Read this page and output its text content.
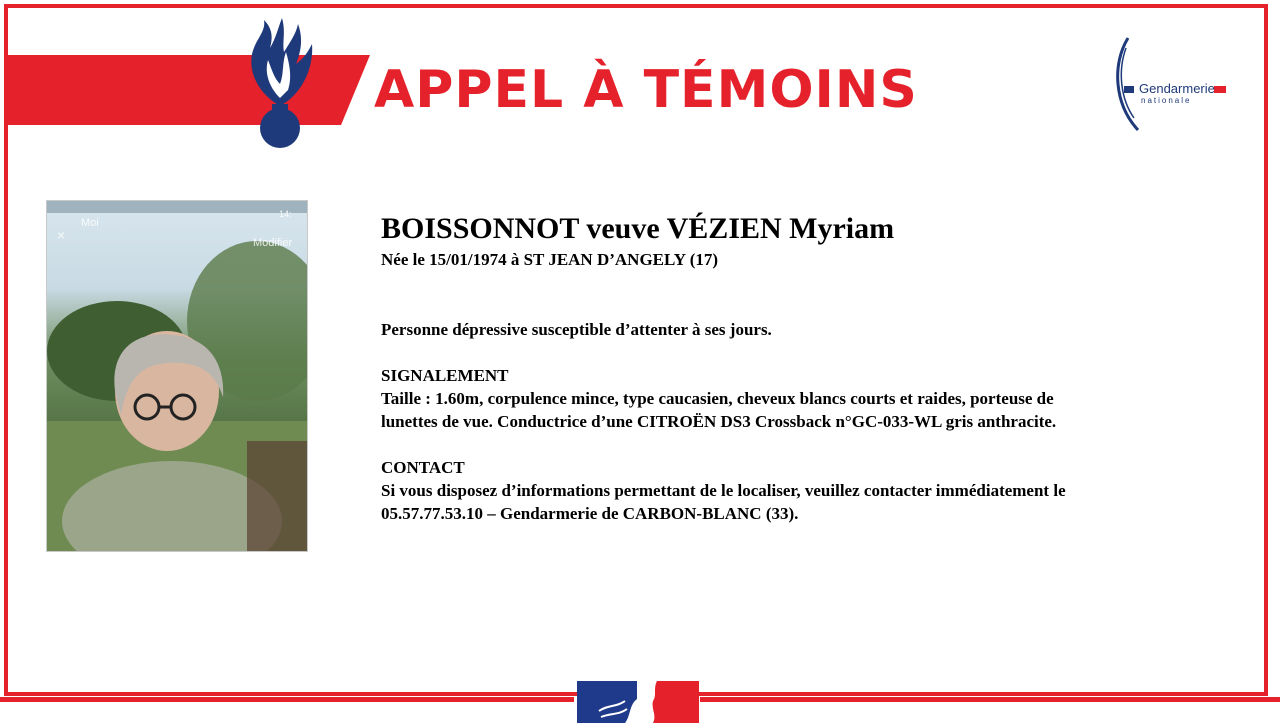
APPEL À TÉMOINS	Gendarmerie
nationale
Moi
×	Modifier
14:	BOISSONNOT veuve VÉZIEN Myriam
Née le 15/01/1974 à ST JEAN D’ANGELY (17)
Personne dépressive susceptible d’attenter à ses jours.
SIGNALEMENT
Taille : 1.60m, corpulence mince, type caucasien, cheveux blancs courts et raides, porteuse de
lunettes de vue. Conductrice d’une CITROËN DS3 Crossback n°GC-033-WL gris anthracite.
CONTACT
Si vous disposez d’informations permettant de le localiser, veuillez contacter immédiatement le
05.57.77.53.10 – Gendarmerie de CARBON-BLANC (33).
